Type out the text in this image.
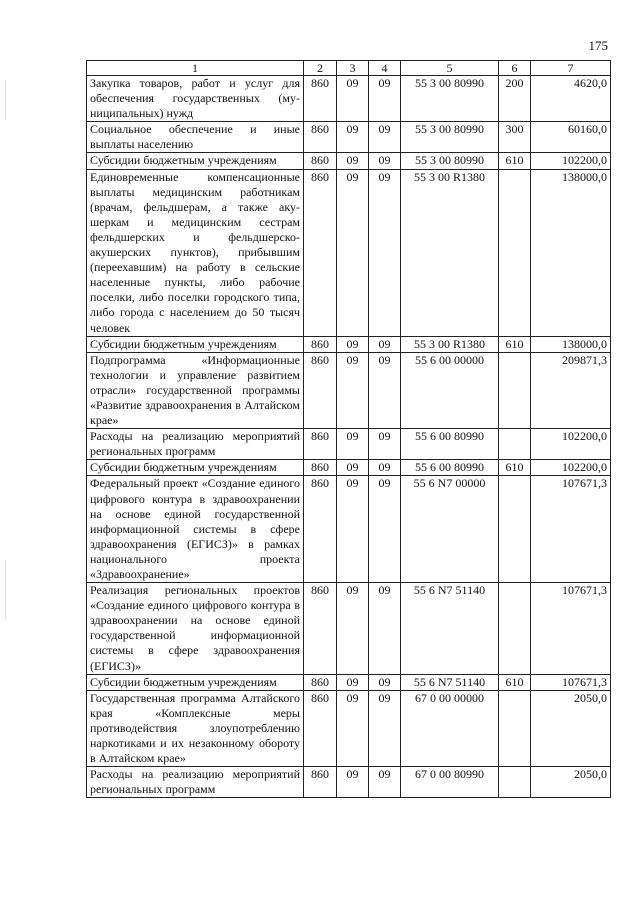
175
1	2	3	4	5	6	7
Закупка товаров, работ и услуг для обеспечения государственных (муниципальных) нужд	860	09	09	55 3 00 80990	200	4620,0
Социальное обеспечение и иные выплаты населению	860	09	09	55 3 00 80990	300	60160,0
Субсидии бюджетным учреждениям	860	09	09	55 3 00 80990	610	102200,0
Единовременные компенсационные выплаты медицинским работникам (врачам, фельдшерам, а также акушеркам и медицинским сестрам фельдшерских и фельдшерско-акушерских пунктов), прибывшим (переехавшим) на работу в сельские населенные пункты, либо рабочие поселки, либо поселки городского типа, либо города с населением до 50 тысяч человек	860	09	09	55 3 00 R1380		138000,0
Субсидии бюджетным учреждениям	860	09	09	55 3 00 R1380	610	138000,0
Подпрограмма «Информационные технологии и управление развитием отрасли» государственной программы «Развитие здравоохранения в Алтайском крае»	860	09	09	55 6 00 00000		209871,3
Расходы на реализацию мероприятий региональных программ	860	09	09	55 6 00 80990		102200,0
Субсидии бюджетным учреждениям	860	09	09	55 6 00 80990	610	102200,0
Федеральный проект «Создание единого цифрового контура в здравоохранении на основе единой государственной информационной системы в сфере здравоохранения (ЕГИСЗ)» в рамках национального проекта «Здравоохранение»	860	09	09	55 6 N7 00000		107671,3
Реализация региональных проектов «Создание единого цифрового контура в здравоохранении на основе единой государственной информационной системы в сфере здравоохранения (ЕГИСЗ)»	860	09	09	55 6 N7 51140		107671,3
Субсидии бюджетным учреждениям	860	09	09	55 6 N7 51140	610	107671,3
Государственная программа Алтайского края «Комплексные меры противодействия злоупотреблению наркотиками и их незаконному обороту в Алтайском крае»	860	09	09	67 0 00 00000		2050,0
Расходы на реализацию мероприятий региональных программ	860	09	09	67 0 00 80990		2050,0
